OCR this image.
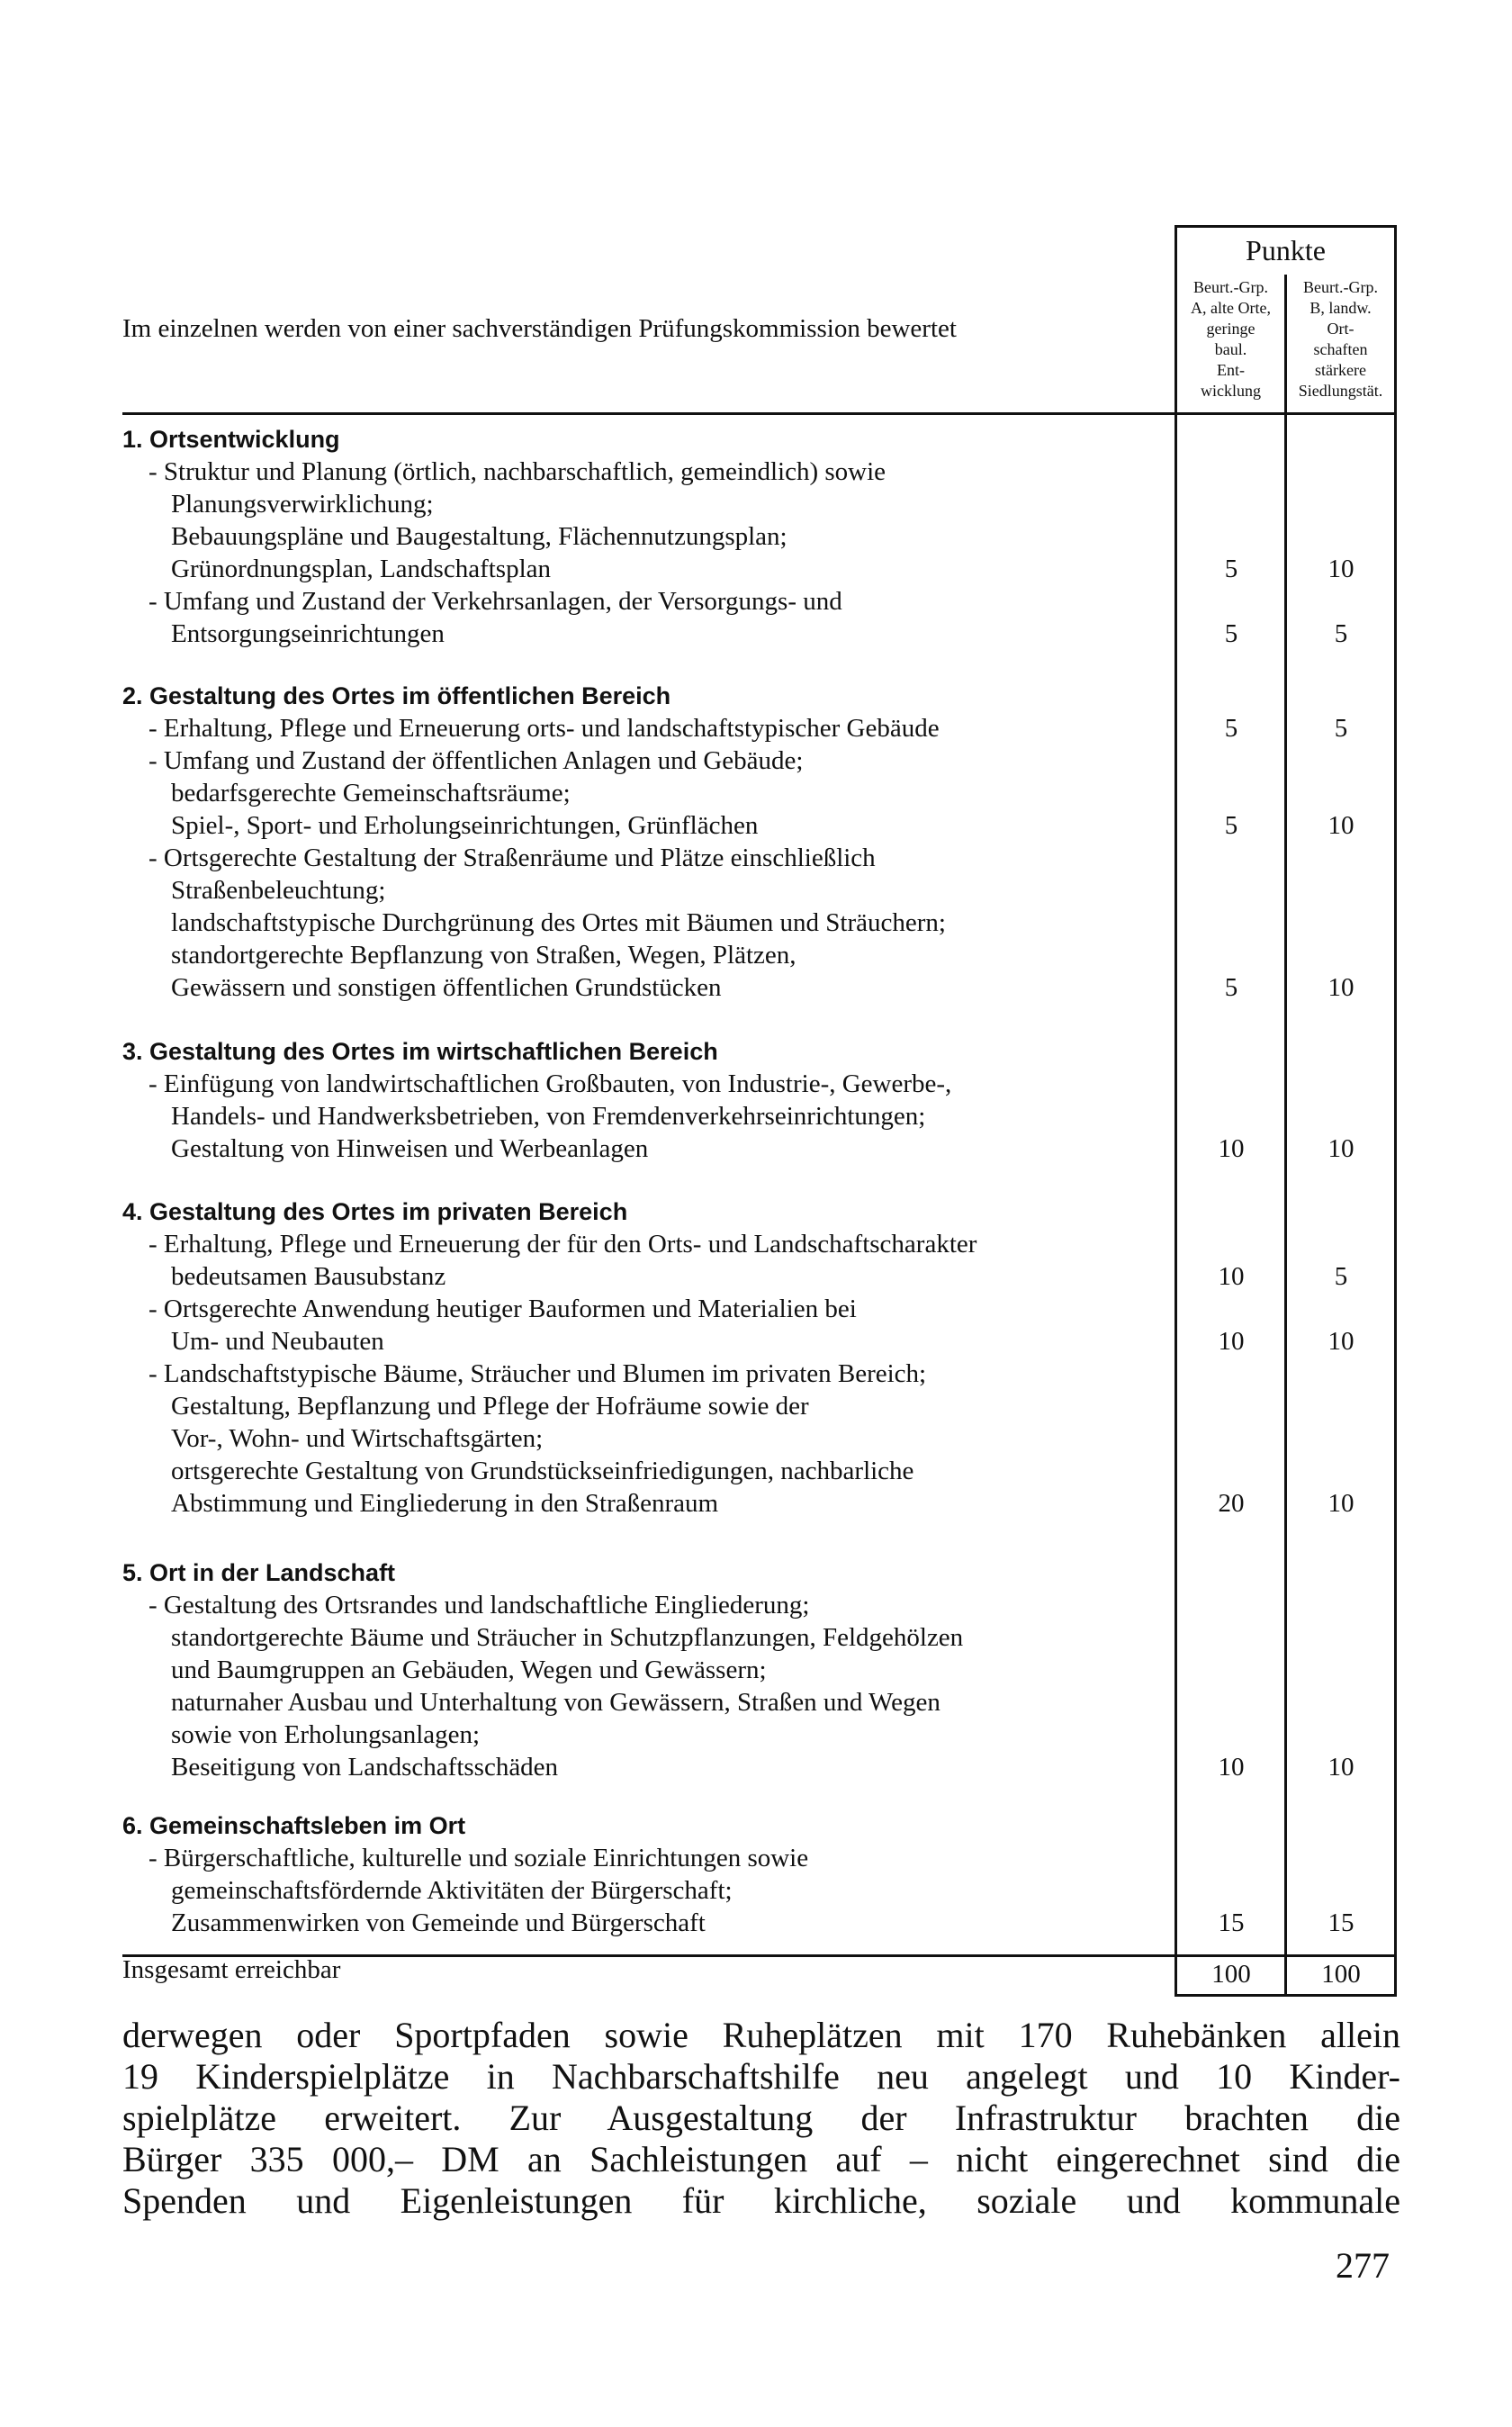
Im einzelnen werden von einer sachverständigen Prüfungskommission bewertet
Punkte
Beurt.-Grp.
A, alte Orte,
geringe
baul.
Ent-
wicklung
Beurt.-Grp.
B, landw.
Ort-
schaften
stärkere
Siedlungstät.
1. Ortsentwicklung
- Struktur und Planung (örtlich, nachbarschaftlich, gemeindlich) sowie
Planungsverwirklichung;
Bebauungspläne und Baugestaltung, Flächennutzungsplan;
Grünordnungsplan, Landschaftsplan	5	10
- Umfang und Zustand der Verkehrsanlagen, der Versorgungs- und
Entsorgungseinrichtungen	5	5
2. Gestaltung des Ortes im öffentlichen Bereich
- Erhaltung, Pflege und Erneuerung orts- und landschaftstypischer Gebäude	5	5
- Umfang und Zustand der öffentlichen Anlagen und Gebäude;
bedarfsgerechte Gemeinschaftsräume;
Spiel-, Sport- und Erholungseinrichtungen, Grünflächen	5	10
- Ortsgerechte Gestaltung der Straßenräume und Plätze einschließlich
Straßenbeleuchtung;
landschaftstypische Durchgrünung des Ortes mit Bäumen und Sträuchern;
standortgerechte Bepflanzung von Straßen, Wegen, Plätzen,
Gewässern und sonstigen öffentlichen Grundstücken	5	10
3. Gestaltung des Ortes im wirtschaftlichen Bereich
- Einfügung von landwirtschaftlichen Großbauten, von Industrie-, Gewerbe-,
Handels- und Handwerksbetrieben, von Fremdenverkehrseinrichtungen;
Gestaltung von Hinweisen und Werbeanlagen	10	10
4. Gestaltung des Ortes im privaten Bereich
- Erhaltung, Pflege und Erneuerung der für den Orts- und Landschaftscharakter
bedeutsamen Bausubstanz	10	5
- Ortsgerechte Anwendung heutiger Bauformen und Materialien bei
Um- und Neubauten	10	10
- Landschaftstypische Bäume, Sträucher und Blumen im privaten Bereich;
Gestaltung, Bepflanzung und Pflege der Hofräume sowie der
Vor-, Wohn- und Wirtschaftsgärten;
ortsgerechte Gestaltung von Grundstückseinfriedigungen, nachbarliche
Abstimmung und Eingliederung in den Straßenraum	20	10
5. Ort in der Landschaft
- Gestaltung des Ortsrandes und landschaftliche Eingliederung;
standortgerechte Bäume und Sträucher in Schutzpflanzungen, Feldgehölzen
und Baumgruppen an Gebäuden, Wegen und Gewässern;
naturnaher Ausbau und Unterhaltung von Gewässern, Straßen und Wegen
sowie von Erholungsanlagen;
Beseitigung von Landschaftsschäden	10	10
6. Gemeinschaftsleben im Ort
- Bürgerschaftliche, kulturelle und soziale Einrichtungen sowie
gemeinschaftsfördernde Aktivitäten der Bürgerschaft;
Zusammenwirken von Gemeinde und Bürgerschaft	15	15
Insgesamt erreichbar	100	100
derwegen oder Sportpfaden sowie Ruheplätzen mit 170 Ruhebänken allein
19 Kinderspielplätze in Nachbarschaftshilfe neu angelegt und 10 Kinder-
spielplätze erweitert. Zur Ausgestaltung der Infrastruktur brachten die
Bürger 335 000,– DM an Sachleistungen auf – nicht eingerechnet sind die
Spenden und Eigenleistungen für kirchliche, soziale und kommunale
277
